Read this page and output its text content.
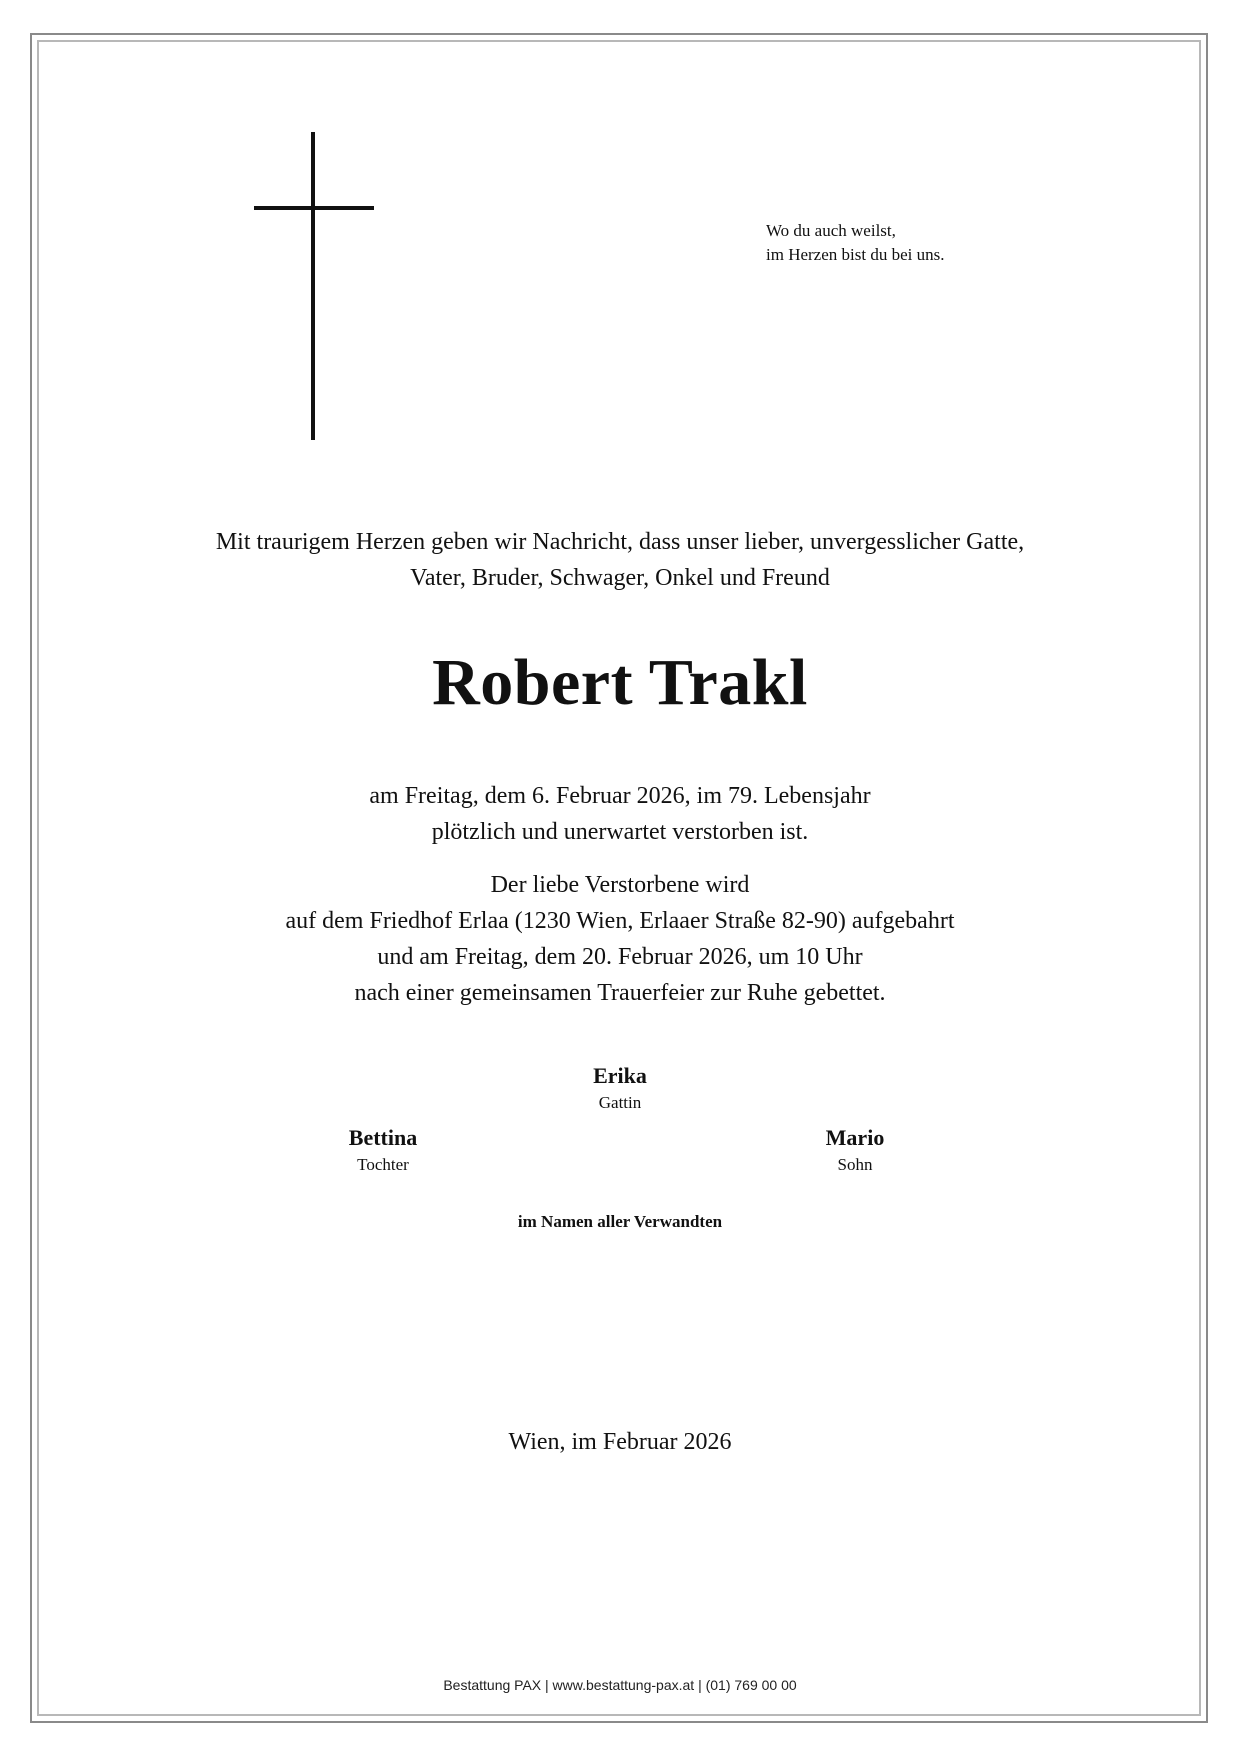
Wo du auch weilst,
im Herzen bist du bei uns.
Mit traurigem Herzen geben wir Nachricht, dass unser lieber, unvergesslicher Gatte,
Vater, Bruder, Schwager, Onkel und Freund
Robert Trakl
am Freitag, dem 6. Februar 2026, im 79. Lebensjahr
plötzlich und unerwartet verstorben ist.
Der liebe Verstorbene wird
auf dem Friedhof Erlaa (1230 Wien, Erlaaer Straße 82-90) aufgebahrt
und am Freitag, dem 20. Februar 2026, um 10 Uhr
nach einer gemeinsamen Trauerfeier zur Ruhe gebettet.
Erika
Gattin
Bettina
Tochter
Mario
Sohn
im Namen aller Verwandten
Wien, im Februar 2026
Bestattung PAX | www.bestattung-pax.at | (01) 769 00 00
